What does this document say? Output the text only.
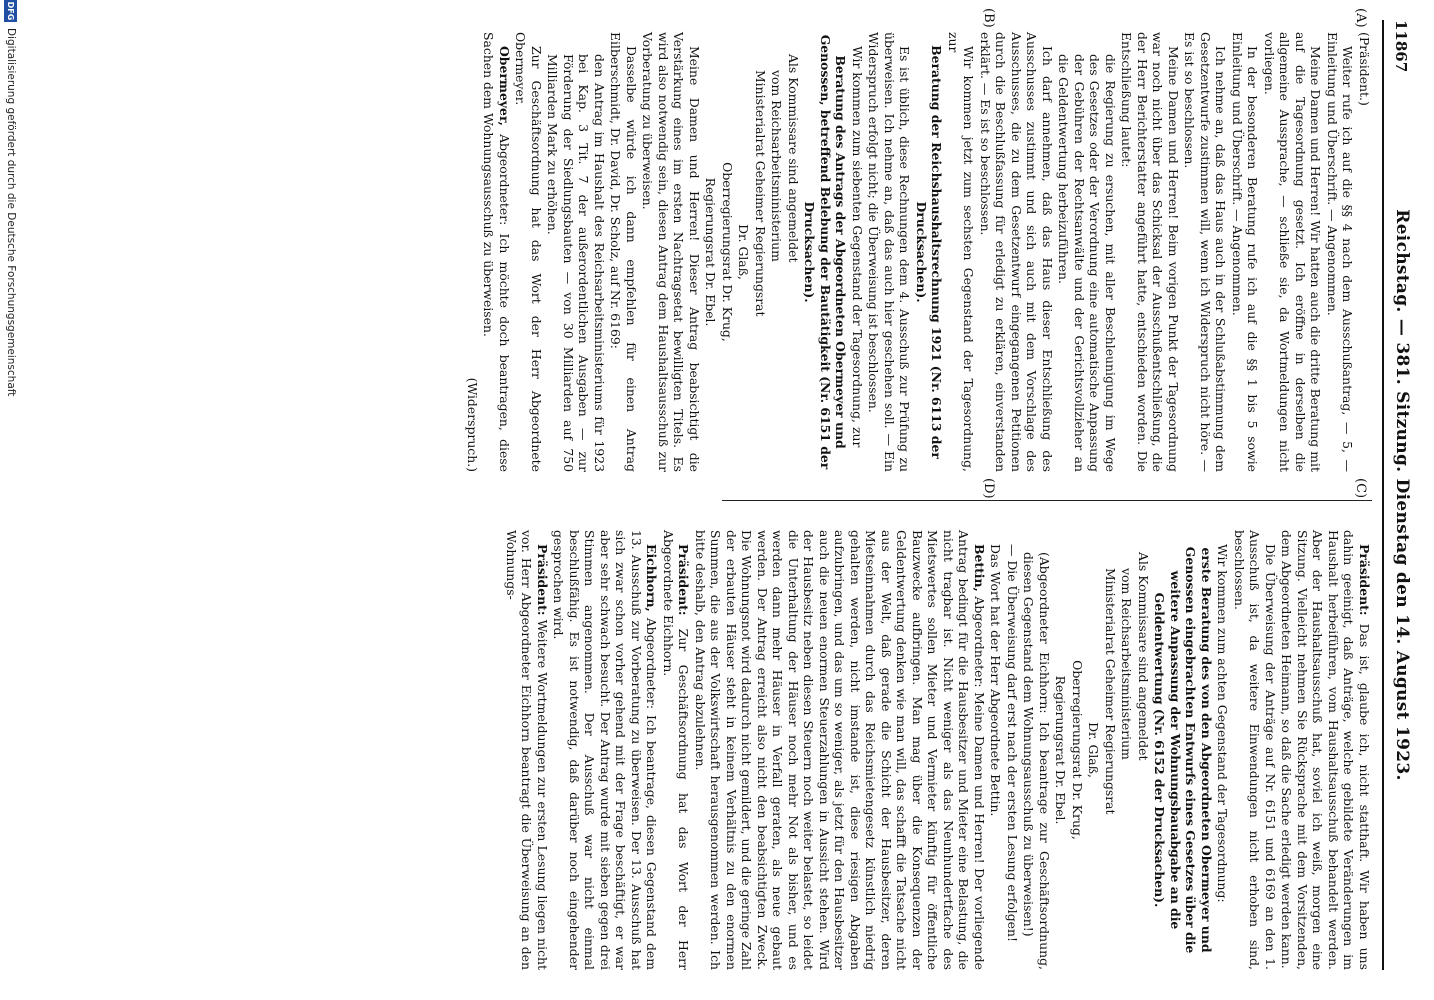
11867
Reichstag. — 381. Sitzung. Dienstag den 14. August 1923.
(A)
(B)
(C)
(D)

(Präsident.)

Weiter rufe ich auf die §§ 4 nach dem Ausschußantrag, — 5, — Einleitung und Überschrift. — Angenommen.

Meine Damen und Herren! Wir hatten auch die dritte Beratung mit auf die Tagesordnung gesetzt. Ich eröffne in derselben die allgemeine Aussprache, — schließe sie, da Wortmeldungen nicht vorliegen.

In der besonderen Beratung rufe ich auf die §§ 1 bis 5 sowie Einleitung und Überschrift. — Angenommen.

Ich nehme an, daß das Haus auch in der Schlußabstimmung dem Gesetzentwurfe zustimmen will, wenn ich Widerspruch nicht höre. — Es ist so beschlossen.

Meine Damen und Herren! Beim vorigen Punkt der Tagesordnung war noch nicht über das Schicksal der Ausschußentschließung, die der Herr Berichterstatter angeführt hatte, entschieden worden. Die Entschließung lautet:

die Regierung zu ersuchen, mit aller Beschleunigung im Wege des Gesetzes oder der Verordnung eine automatische Anpassung der Gebühren der Rechtsanwälte und der Gerichtsvollzieher an die Geldentwertung herbeizuführen.

Ich darf annehmen, daß das Haus dieser Entschließung des Ausschusses zustimmt und sich auch mit dem Vorschlage des Ausschusses, die zu dem Gesetzentwurf eingegangenen Petitionen durch die Beschlußfassung für erledigt zu erklären, einverstanden erklärt. — Es ist so beschlossen.

Wir kommen jetzt zum sechsten Gegenstand der Tagesordnung, zur

Beratung der Reichshaushaltsrechnung 1921 (Nr. 6113 der Drucksachen).

Es ist üblich, diese Rechnungen dem 4. Ausschuß zur Prüfung zu überweisen. Ich nehme an, daß das auch hier geschehen soll. — Ein Widerspruch erfolgt nicht; die Überweisung ist beschlossen.

Wir kommen zum siebenten Gegenstand der Tagesordnung, zur

Beratung des Antrags der Abgeordneten Obermeyer und Genossen, betreffend Belebung der Bautätigkeit (Nr. 6151 der Drucksachen).

Als Kommissare sind angemeldet

vom Reichsarbeitsministerium

Ministerialrat Geheimer Regierungsrat

Dr. Glaß,

Oberregierungsrat Dr. Krug,

Regierungsrat Dr. Ebel.

Meine Damen und Herren! Dieser Antrag beabsichtigt die Verstärkung eines im ersten Nachtragsetat bewilligten Titels. Es wird also notwendig sein, diesen Antrag dem Haushaltsausschuß zur Vorberatung zu überweisen.

Dasselbe würde ich dann empfehlen für einen Antrag Eilberschmidt, Dr. David, Dr. Scholz, auf Nr. 6169:

den Antrag im Haushalt des Reichsarbeitsministeriums für 1923 bei Kap. 3 Tit. 7 der außerordentlichen Ausgaben — zur Förderung der Siedlungsbauten — von 30 Milliarden auf 750 Milliarden Mark zu erhöhen.

Zur Geschäftsordnung hat das Wort der Herr Abgeordnete Obermeyer.

Obermeyer, Abgeordneter: Ich möchte doch beantragen, diese Sachen dem Wohnungsausschuß zu überweisen.

(Widerspruch.)

Präsident: Das ist, glaube ich, nicht statthaft. Wir haben uns dahin geeinigt, daß Anträge, welche gebildete Veränderungen im Haushalt herbeiführen, vom Haushaltsausschuß behandelt werden. Aber der Haushaltsausschuß hat, soviel ich weiß, morgen eine Sitzung. Vielleicht nehmen Sie Rücksprache mit dem Vorsitzenden, dem Abgeordneten Heimann, so daß die Sache erledigt werden kann.

Die Überweisung der Anträge auf Nr. 6151 und 6169 an den 1. Ausschuß ist, da weitere Einwendungen nicht erhoben sind, beschlossen.

Wir kommen zum achten Gegenstand der Tagesordnung:

erste Beratung des von den Abgeordneten Obermeyer und Genossen eingebrachten Entwurfs eines Gesetzes über die weitere Anpassung der Wohnungsbauabgabe an die Geldentwertung (Nr. 6152 der Drucksachen).

Als Kommissare sind angemeldet

vom Reichsarbeitsministerium

Ministerialrat Geheimer Regierungsrat

Dr. Glaß,

Oberregierungsrat Dr. Krug,

Regierungsrat Dr. Ebel.

(Abgeordneter Eichhorn: Ich beantrage zur Geschäftsordnung, diesen Gegenstand dem Wohnungsausschuß zu überweisen!)

— Die Überweisung darf erst nach der ersten Lesung erfolgen!

Das Wort hat der Herr Abgeordnete Bettin.

Bettin, Abgeordneter: Meine Damen und Herren! Der vorliegende Antrag bedingt für die Hausbesitzer und Mieter eine Belastung, die nicht tragbar ist. Nicht weniger als das Neunhundertfache des Mietswertes sollen Mieter und Vermieter künftig für öffentliche Bauzwecke aufbringen. Man mag über die Konsequenzen der Geldentwertung denken wie man will, das schafft die Tatsache nicht aus der Welt, daß gerade die Schicht der Hausbesitzer, deren Mietseinnahmen durch das Reichsmietengesetz künstlich niedrig gehalten werden, nicht imstande ist, diese riesigen Abgaben aufzubringen, und das um so weniger, als jetzt für den Hausbesitzer auch die neuen enormen Steuerzahlungen in Aussicht stehen. Wird der Hausbesitz neben diesen Steuern noch weiter belastet, so leidet die Unterhaltung der Häuser noch mehr Not als bisher, und es werden dann mehr Häuser in Verfall geraten, als neue gebaut werden. Der Antrag erreicht also nicht den beabsichtigten Zweck. Die Wohnungsnot wird dadurch nicht gemildert, und die geringe Zahl der erbauten Häuser steht in keinem Verhältnis zu den enormen Summen, die aus der Volkswirtschaft herausgenommen werden. Ich bitte deshalb, den Antrag abzulehnen.

Präsident: Zur Geschäftsordnung hat das Wort der Herr Abgeordnete Eichhorn.

Eichhorn, Abgeordneter: Ich beantrage, diesen Gegenstand dem 13. Ausschuß zur Vorberatung zu überweisen. Der 13. Ausschuß hat sich zwar schon vorher gehend mit der Frage beschäftigt, er war aber sehr schwach besucht. Der Antrag wurde mit sieben gegen drei Stimmen angenommen. Der Ausschuß war nicht einmal beschlußfähig. Es ist notwendig, daß darüber noch eingehender gesprochen wird.

Präsident: Weitere Wortmeldungen zur ersten Lesung liegen nicht vor. Herr Abgeordneter Eichhorn beantragt die Überweisung an den Wohnungs-

DFG
Digitalisierung gefördert durch die Deutsche Forschungsgemeinschaft
